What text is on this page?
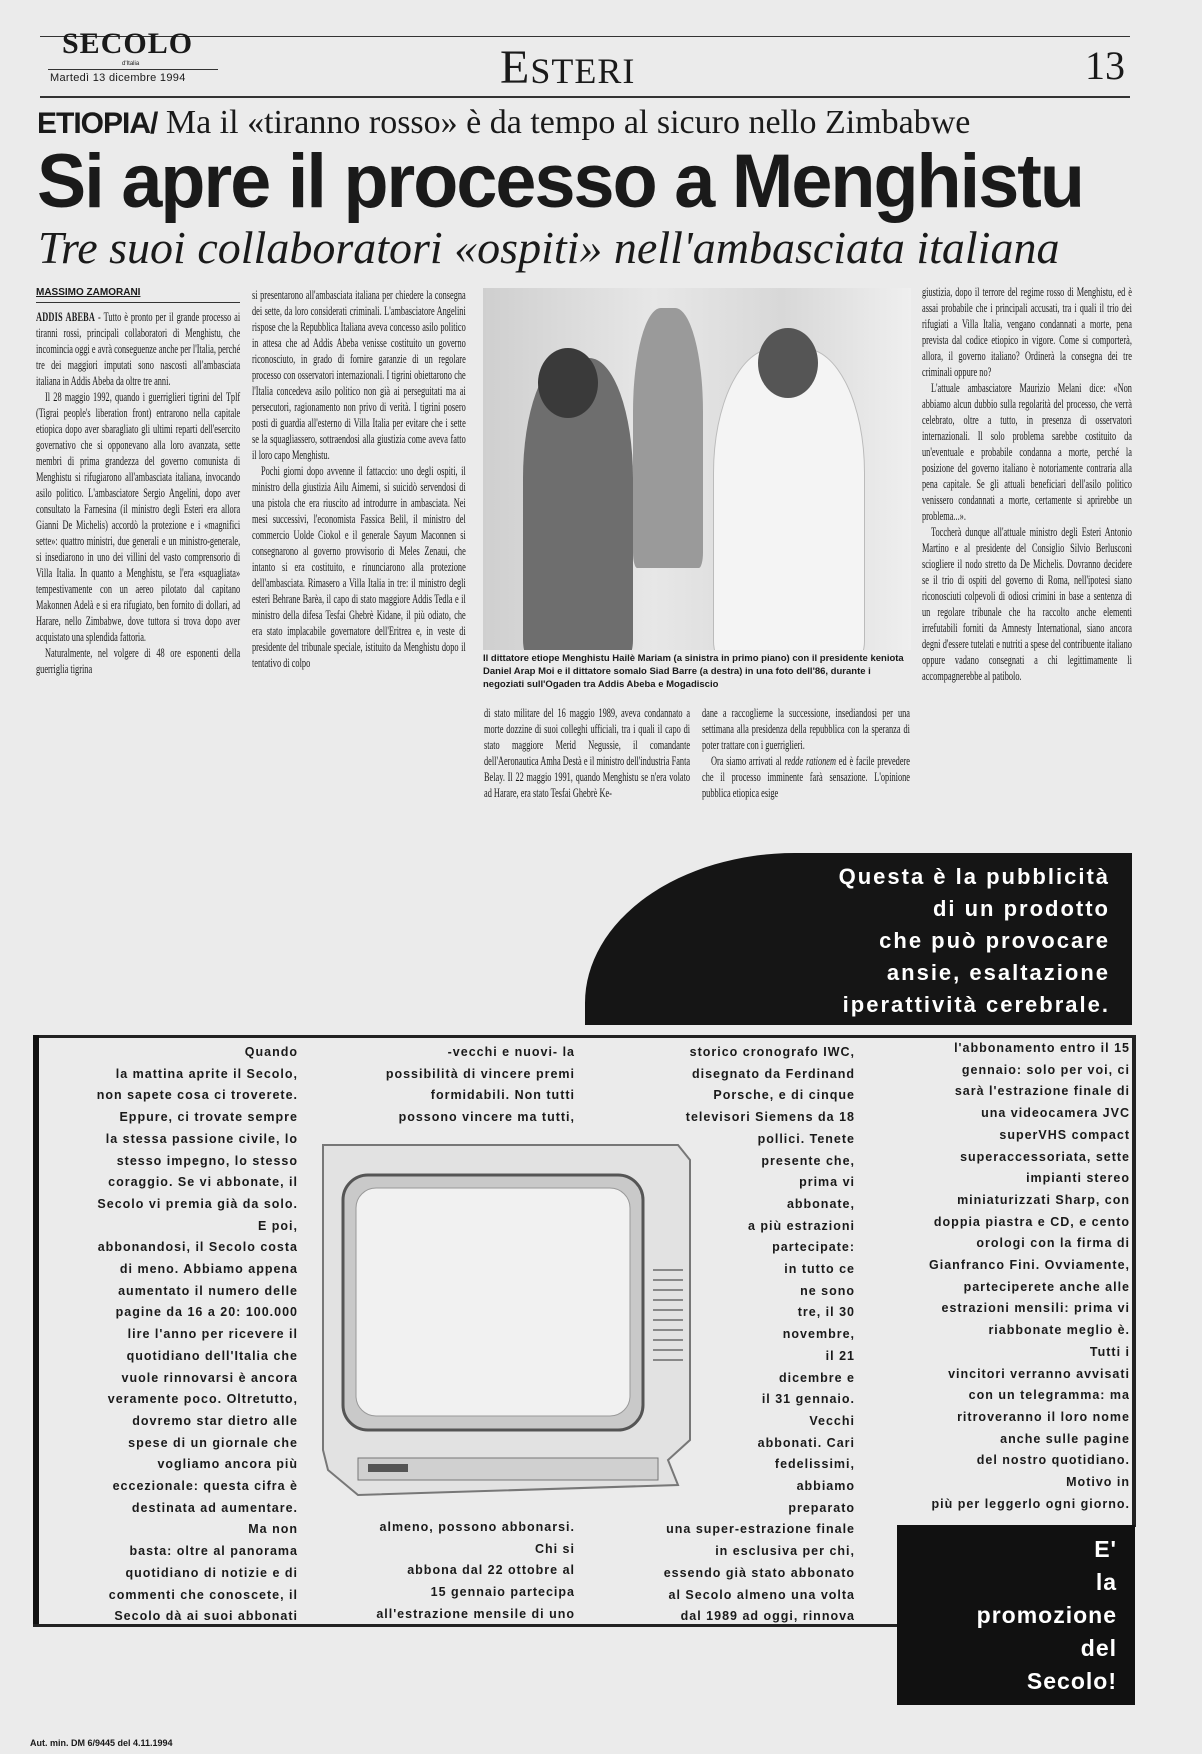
SECOLO
d'Italia
Martedì 13 dicembre 1994	ESTERI	13
ETIOPIA/ Ma il «tiranno rosso» è da tempo al sicuro nello Zimbabwe
Si apre il processo a Menghistu
Tre suoi collaboratori «ospiti» nell'ambasciata italiana
MASSIMO ZAMORANI

ADDIS ABEBA - Tutto è pronto per il grande processo ai tiranni rossi, principali collaboratori di Menghistu, che incomincia oggi e avrà conseguenze anche per l'Italia, perché tre dei maggiori imputati sono nascosti all'ambasciata italiana in Addis Abeba da oltre tre anni.

Il 28 maggio 1992, quando i guerriglieri tigrini del Tplf (Tigrai people's liberation front) entrarono nella capitale etiopica dopo aver sbaragliato gli ultimi reparti dell'esercito governativo che si opponevano alla loro avanzata, sette membri di prima grandezza del governo comunista di Menghistu si rifugiarono all'ambasciata italiana, invocando asilo politico. L'ambasciatore Sergio Angelini, dopo aver consultato la Farnesina (il ministro degli Esteri era allora Gianni De Michelis) accordò la protezione e i «magnifici sette»: quattro ministri, due generali e un ministro-generale, si insediarono in uno dei villini del vasto comprensorio di Villa Italia. In quanto a Menghistu, se l'era «squagliata» tempestivamente con un aereo pilotato dal capitano Makonnen Adelà e si era rifugiato, ben fornito di dollari, ad Harare, nello Zimbabwe, dove tuttora si trova dopo aver acquistato una splendida fattoria.

Naturalmente, nel volgere di 48 ore esponenti della guerriglia tigrina

si presentarono all'ambasciata italiana per chiedere la consegna dei sette, da loro considerati criminali. L'ambasciatore Angelini rispose che la Repubblica Italiana aveva concesso asilo politico in attesa che ad Addis Abeba venisse costituito un governo riconosciuto, in grado di fornire garanzie di un regolare processo con osservatori internazionali. I tigrini obiettarono che l'Italia concedeva asilo politico non già ai perseguitati ma ai persecutori, ragionamento non privo di verità. I tigrini posero posti di guardia all'esterno di Villa Italia per evitare che i sette se la squagliassero, sottraendosi alla giustizia come aveva fatto il loro capo Menghistu.

Pochi giorni dopo avvenne il fattaccio: uno degli ospiti, il ministro della giustizia Ailu Aimemi, si suicidò servendosi di una pistola che era riuscito ad introdurre in ambasciata. Nei mesi successivi, l'economista Fassica Belil, il ministro del commercio Uolde Ciokol e il generale Sayum Maconnen si consegnarono al governo provvisorio di Meles Zenaui, che intanto si era costituito, e rinunciarono alla protezione dell'ambasciata. Rimasero a Villa Italia in tre: il ministro degli esteri Behrane Barèa, il capo di stato maggiore Addis Tedla e il ministro della difesa Tesfai Ghebrè Kidane, il più odiato, che era stato implacabile governatore dell'Eritrea e, in veste di presidente del tribunale speciale, istituito da Menghistu dopo il tentativo di colpo	Il dittatore etiope Menghistu Hailè Mariam (a sinistra in primo piano) con il presidente keniota Daniel Arap Moi e il dittatore somalo Siad Barre (a destra) in una foto dell'86, durante i negoziati sull'Ogaden tra Addis Abeba e Mogadiscio

di stato militare del 16 maggio 1989, aveva condannato a morte dozzine di suoi colleghi ufficiali, tra i quali il capo di stato maggiore Merid Negussie, il comandante dell'Aeronautica Amha Destà e il ministro dell'industria Fanta Belay. Il 22 maggio 1991, quando Menghistu se n'era volato ad Harare, era stato Tesfai Ghebrè Ke-

dane a raccoglierne la successione, insediandosi per una settimana alla presidenza della repubblica con la speranza di poter trattare con i guerriglieri.

Ora siamo arrivati al redde rationem ed è facile prevedere che il processo imminente farà sensazione. L'opinione pubblica etiopica esige

giustizia, dopo il terrore del regime rosso di Menghistu, ed è assai probabile che i principali accusati, tra i quali il trio dei rifugiati a Villa Italia, vengano condannati a morte, pena prevista dal codice etiopico in vigore. Come si comporterà, allora, il governo italiano? Ordinerà la consegna dei tre criminali oppure no?

L'attuale ambasciatore Maurizio Melani dice: «Non abbiamo alcun dubbio sulla regolarità del processo, che verrà celebrato, oltre a tutto, in presenza di osservatori internazionali. Il solo problema sarebbe costituito da un'eventuale e probabile condanna a morte, perché la posizione del governo italiano è notoriamente contraria alla pena capitale. Se gli attuali beneficiari dell'asilo politico venissero condannati a morte, certamente si aprirebbe un problema...».

Toccherà dunque all'attuale ministro degli Esteri Antonio Martino e al presidente del Consiglio Silvio Berlusconi sciogliere il nodo stretto da De Michelis. Dovranno decidere se il trio di ospiti del governo di Roma, nell'ipotesi siano riconosciuti colpevoli di odiosi crimini in base a sentenza di un regolare tribunale che ha raccolto anche elementi irrefutabili forniti da Amnesty International, siano ancora degni d'essere tutelati e nutriti a spese del contribuente italiano oppure vadano consegnati a chi legittimamente li accompagnerebbe al patibolo.

Questa è la pubblicità
di un prodotto
che può provocare
ansie, esaltazione
iperattività cerebrale.
Quando
la mattina aprite il Secolo,
non sapete cosa ci troverete.
Eppure, ci trovate sempre
la stessa passione civile, lo
stesso impegno, lo stesso
coraggio. Se vi abbonate, il
Secolo vi premia già da solo.
E poi,
abbonandosi, il Secolo costa
di meno. Abbiamo appena
aumentato il numero delle
pagine da 16 a 20: 100.000
lire l'anno per ricevere il
quotidiano dell'Italia che
vuole rinnovarsi è ancora
veramente poco. Oltretutto,
dovremo star dietro alle
spese di un giornale che
vogliamo ancora più
eccezionale: questa cifra è
destinata ad aumentare.
Ma non
basta: oltre al panorama
quotidiano di notizie e di
commenti che conoscete, il
Secolo dà ai suoi abbonati
-vecchi e nuovi- la
possibilità di vincere premi
formidabili. Non tutti
possono vincere ma tutti,
almeno, possono abbonarsi.
Chi si
abbona dal 22 ottobre al
15 gennaio partecipa
all'estrazione mensile di uno
storico cronografo IWC,
disegnato da Ferdinand
Porsche, e di cinque
televisori Siemens da 18
pollici. Tenete
presente che,
prima vi
abbonate,
a più estrazioni
partecipate:
in tutto ce
ne sono
tre, il 30
novembre,
il 21
dicembre e
il 31 gennaio.
Vecchi
abbonati. Cari
fedelissimi,
abbiamo
preparato
una super-estrazione finale
in esclusiva per chi,
essendo già stato abbonato
al Secolo almeno una volta
dal 1989 ad oggi, rinnova
l'abbonamento entro il 15
gennaio: solo per voi, ci
sarà l'estrazione finale di
una videocamera JVC
superVHS compact
superaccessoriata, sette
impianti stereo
miniaturizzati Sharp, con
doppia piastra e CD, e cento
orologi con la firma di
Gianfranco Fini. Ovviamente,
parteciperete anche alle
estrazioni mensili: prima vi
riabbonate meglio è.
Tutti i
vincitori verranno avvisati
con un telegramma: ma
ritroveranno il loro nome
anche sulle pagine
del nostro quotidiano.
Motivo in
più per leggerlo ogni giorno.
E'
la
promozione
del
Secolo!
Aut. min. DM 6/9445 del 4.11.1994
